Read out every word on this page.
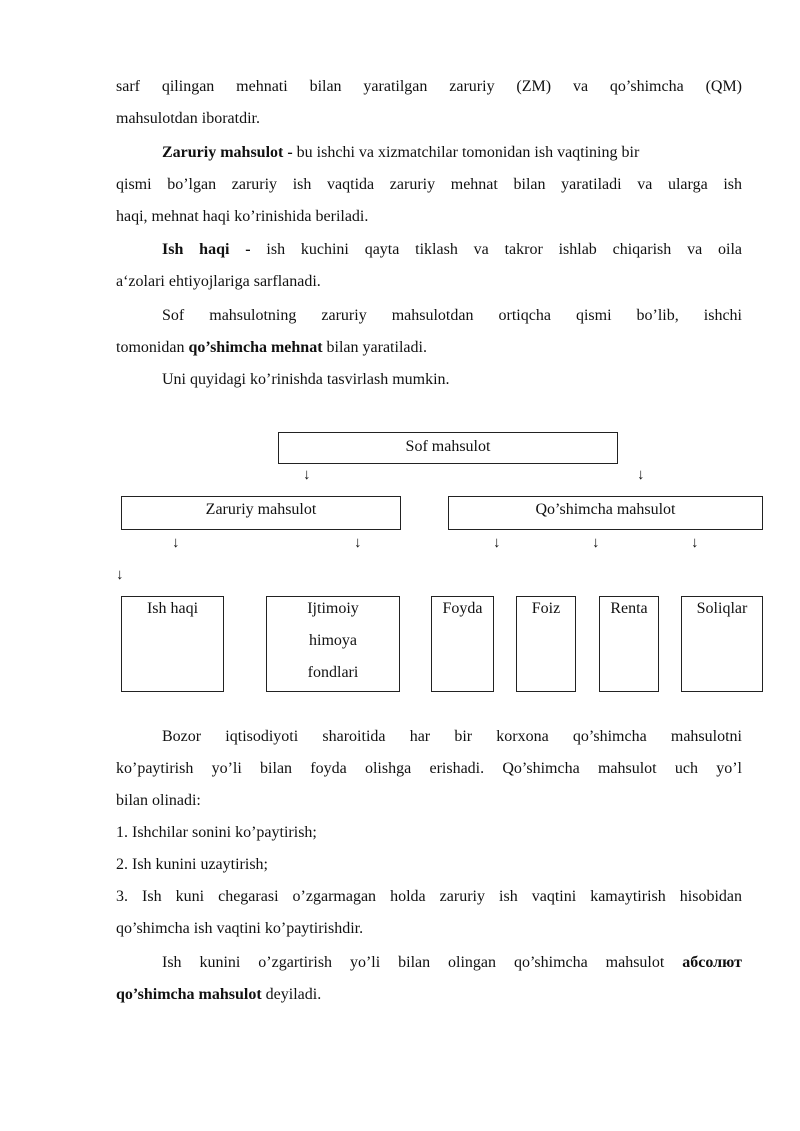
sarf qilingan mehnati bilan yaratilgan zaruriy (ZM) va qo’shimcha (QM)
mahsulotdan iboratdir.
Zaruriy mahsulot - bu ishchi va xizmatchilar tomonidan ish vaqtining bir
qismi bo’lgan zaruriy ish vaqtida zaruriy mehnat bilan yaratiladi va ularga ish
haqi, mehnat haqi ko’rinishida beriladi.
Ish haqi - ish kuchini qayta tiklash va takror ishlab chiqarish va oila
a‘zolari ehtiyojlariga sarflanadi.
Sof mahsulotning zaruriy mahsulotdan ortiqcha qismi bo’lib, ishchi
tomonidan qo’shimcha mehnat bilan yaratiladi.
Uni quyidagi ko’rinishda tasvirlash mumkin.
Sof mahsulot
↓	↓
Zaruriy mahsulot	Qo’shimcha mahsulot
↓	↓	↓	↓	↓
↓
Ish haqi	Ijtimoiy
himoya
fondlari
Foyda	Foiz	Renta	Soliqlar
Bozor iqtisodiyoti sharoitida har bir korxona qo’shimcha mahsulotni
ko’paytirish yo’li bilan foyda olishga erishadi. Qo’shimcha mahsulot uch yo’l
bilan olinadi:
1. Ishchilar sonini ko’paytirish;
2. Ish kunini uzaytirish;
3. Ish kuni chegarasi o’zgarmagan holda zaruriy ish vaqtini kamaytirish hisobidan
qo’shimcha ish vaqtini ko’paytirishdir.
Ish kunini o’zgartirish yo’li bilan olingan qo’shimcha mahsulot абсолют
qo’shimcha mahsulot deyiladi.
